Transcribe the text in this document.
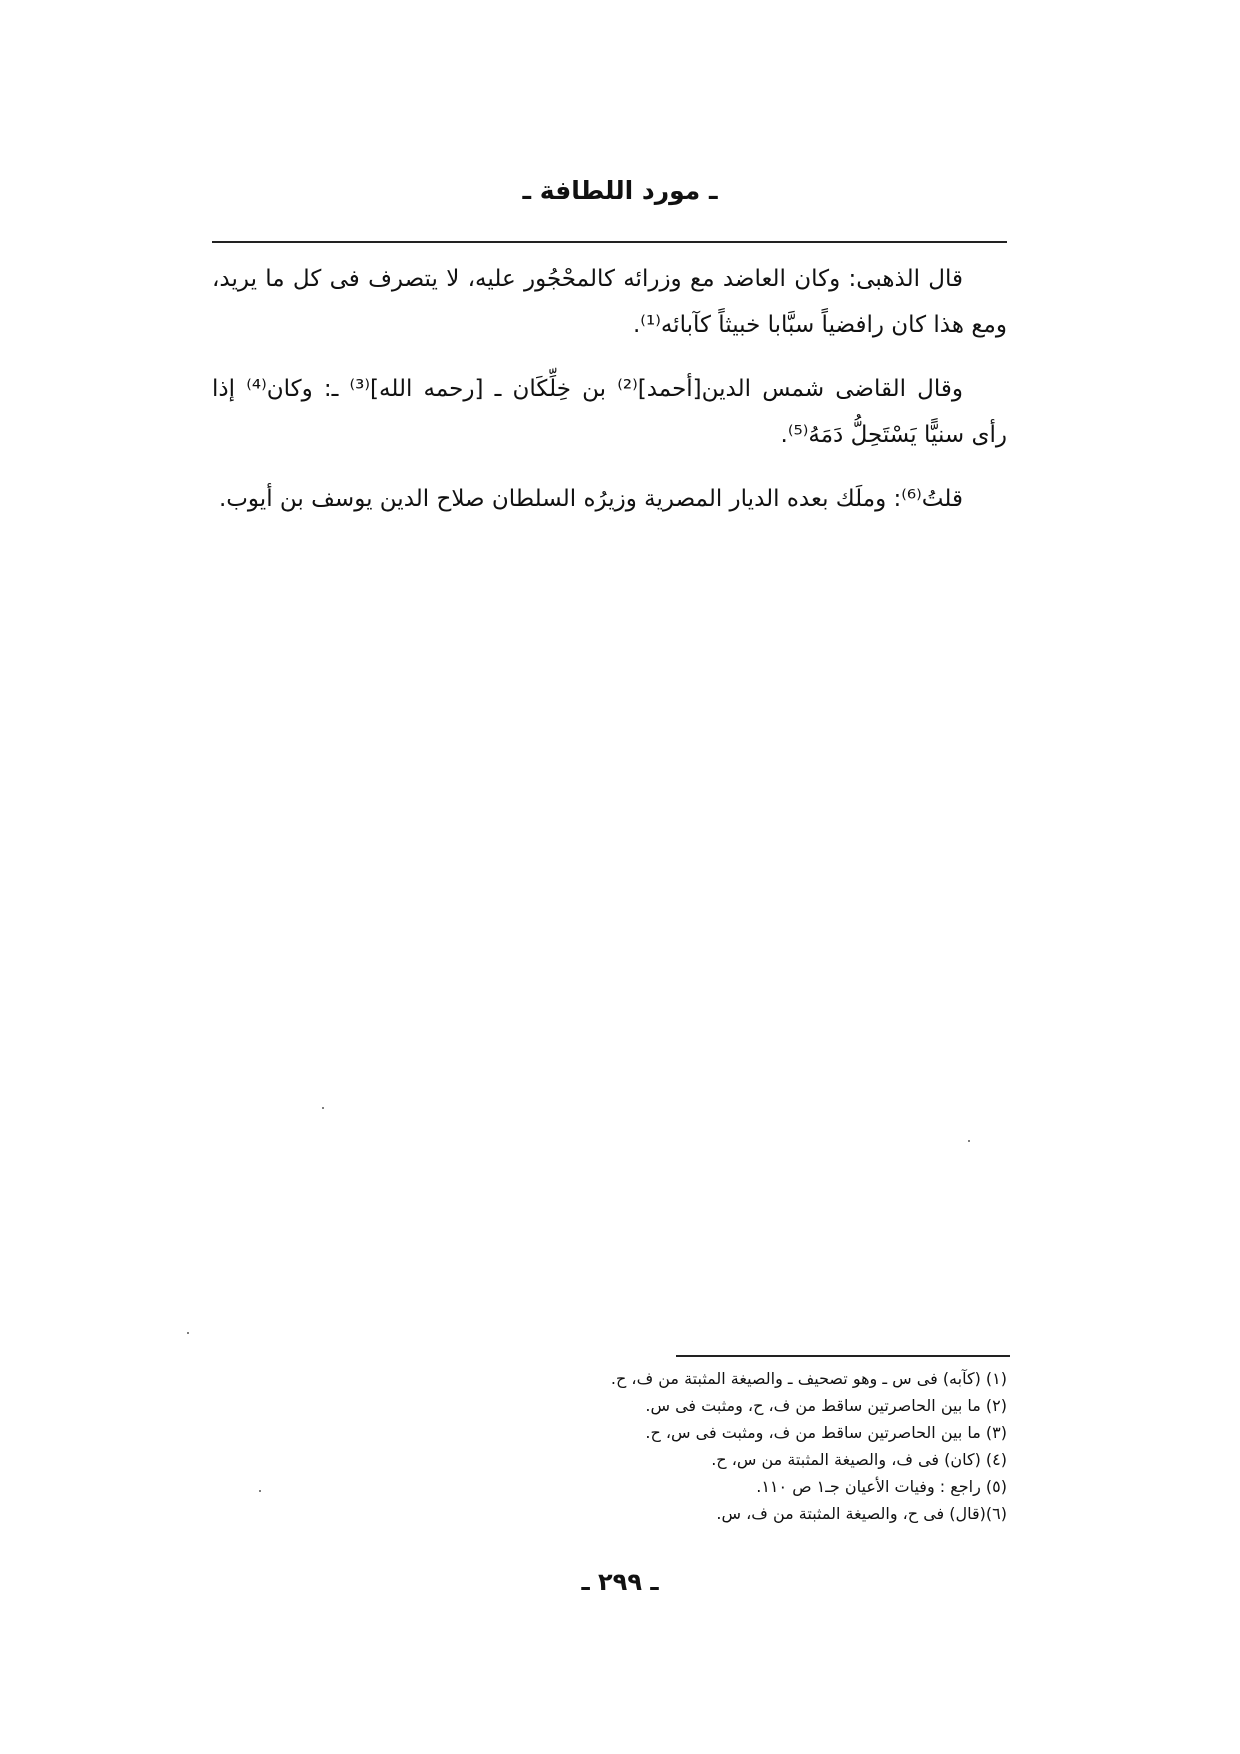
ـ مورد اللطافة ـ

قال الذهبى: وكان العاضد مع وزرائه كالمحْجُور عليه، لا يتصرف فى كل ما يريد، ومع هذا كان رافضياً سبَّابا خبيثاً كآبائه⁽¹⁾.

وقال القاضى شمس الدين[أحمد]⁽²⁾ بن خِلِّكَان ـ [رحمه الله]⁽³⁾ ـ: وكان⁽⁴⁾ إذا رأى سنيًّا يَسْتَحِلُّ دَمَهُ⁽⁵⁾.

قلتُ⁽⁶⁾: وملَك بعده الديار المصرية وزيرُه السلطان صلاح الدين يوسف بن أيوب.

(١) (كآبه) فى س ـ وهو تصحيف ـ والصيغة المثبتة من ف، ح.
(٢) ما بين الحاصرتين ساقط من ف، ح، ومثبت فى س.
(٣) ما بين الحاصرتين ساقط من ف، ومثبت فى س، ح.
(٤) (كان) فى ف، والصيغة المثبتة من س، ح.
(٥) راجع : وفيات الأعيان جـ١ ص ١١٠.
(٦)(قال) فى ح، والصيغة المثبتة من ف، س.
ـ ٢٩٩ ـ
